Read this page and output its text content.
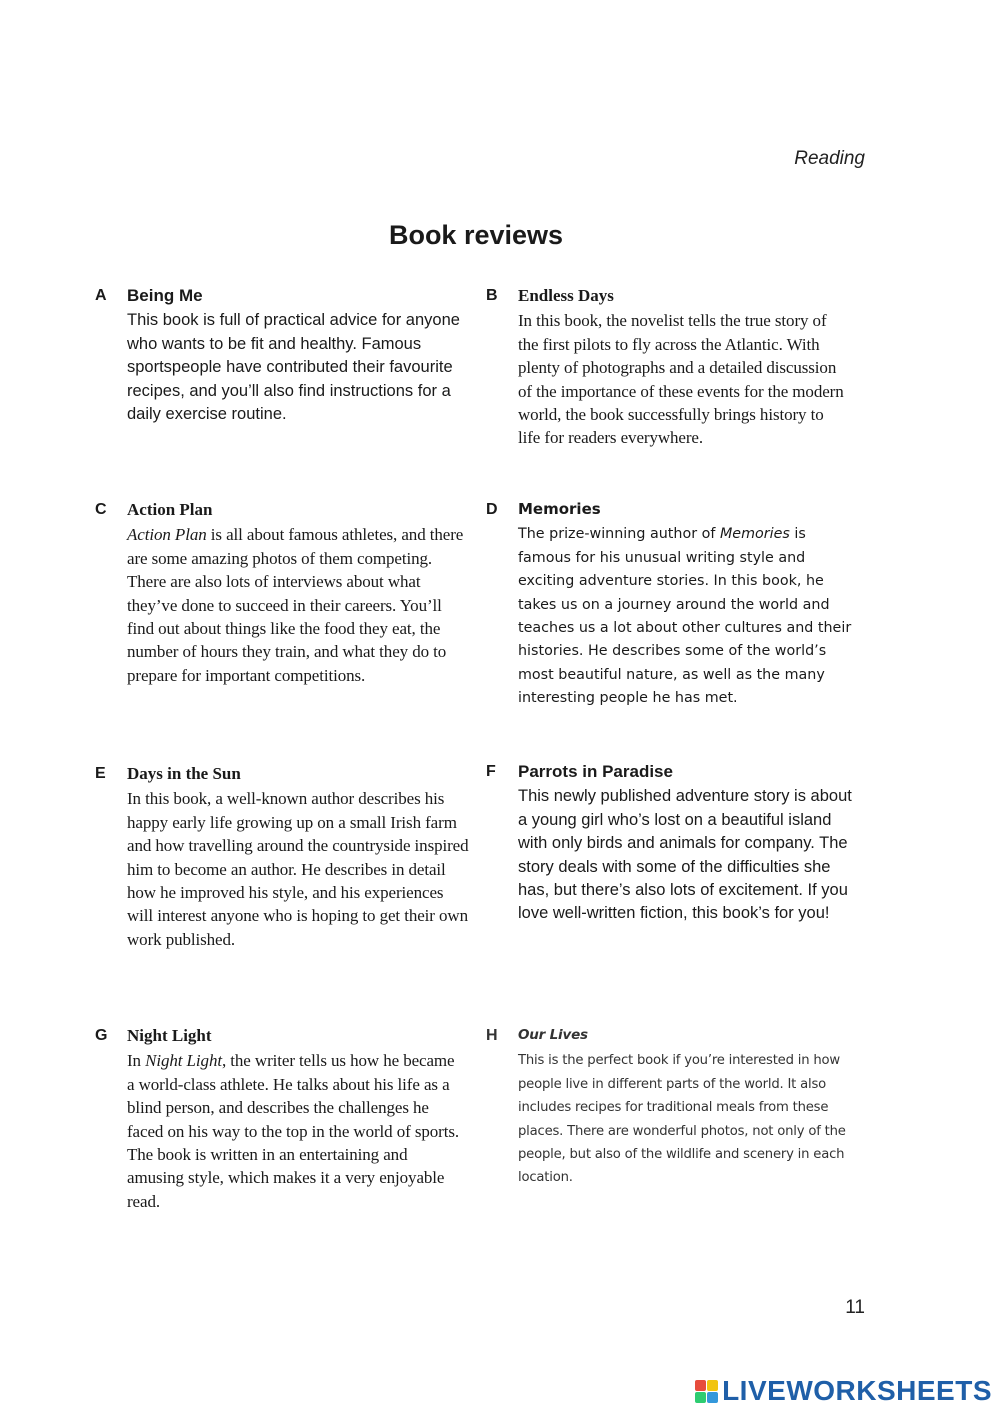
Reading
Book reviews
A Being Me

This book is full of practical advice for anyone who wants to be fit and healthy. Famous sportspeople have contributed their favourite recipes, and you’ll also find instructions for a daily exercise routine.

B Endless Days

In this book, the novelist tells the true story of the first pilots to fly across the Atlantic. With plenty of photographs and a detailed discussion of the importance of these events for the modern world, the book successfully brings history to life for readers everywhere.

C Action Plan

Action Plan is all about famous athletes, and there are some amazing photos of them competing. There are also lots of interviews about what they’ve done to succeed in their careers. You’ll find out about things like the food they eat, the number of hours they train, and what they do to prepare for important competitions.

D Memories

The prize-winning author of Memories is famous for his unusual writing style and exciting adventure stories. In this book, he takes us on a journey around the world and teaches us a lot about other cultures and their histories. He describes some of the world’s most beautiful nature, as well as the many interesting people he has met.

E Days in the Sun

In this book, a well-known author describes his happy early life growing up on a small Irish farm and how travelling around the countryside inspired him to become an author. He describes in detail how he improved his style, and his experiences will interest anyone who is hoping to get their own work published.

F Parrots in Paradise

This newly published adventure story is about a young girl who’s lost on a beautiful island with only birds and animals for company. The story deals with some of the difficulties she has, but there’s also lots of excitement. If you love well-written fiction, this book’s for you!

G Night Light

In Night Light, the writer tells us how he became a world-class athlete. He talks about his life as a blind person, and describes the challenges he faced on his way to the top in the world of sports. The book is written in an entertaining and amusing style, which makes it a very enjoyable read.

H Our Lives

This is the perfect book if you’re interested in how people live in different parts of the world. It also includes recipes for traditional meals from these places. There are wonderful photos, not only of the people, but also of the wildlife and scenery in each location.

11
LIVEWORKSHEETS
